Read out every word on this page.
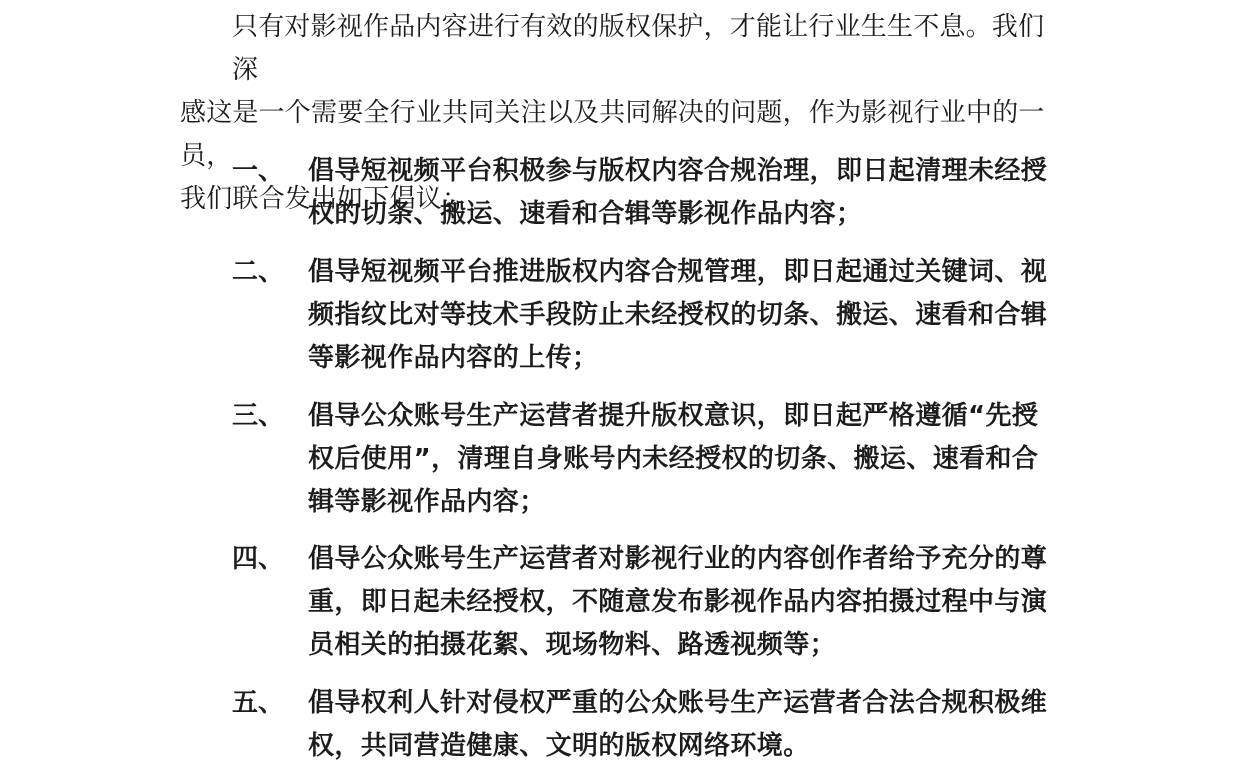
只有对影视作品内容进行有效的版权保护，才能让行业生生不息。我们深
感这是一个需要全行业共同关注以及共同解决的问题，作为影视行业中的一员，
我们联合发出如下倡议：
一、 倡导短视频平台积极参与版权内容合规治理，即日起清理未经授权的切条、搬运、速看和合辑等影视作品内容；
二、 倡导短视频平台推进版权内容合规管理，即日起通过关键词、视频指纹比对等技术手段防止未经授权的切条、搬运、速看和合辑等影视作品内容的上传；
三、 倡导公众账号生产运营者提升版权意识，即日起严格遵循“先授权后使用”，清理自身账号内未经授权的切条、搬运、速看和合辑等影视作品内容；
四、 倡导公众账号生产运营者对影视行业的内容创作者给予充分的尊重，即日起未经授权，不随意发布影视作品内容拍摄过程中与演员相关的拍摄花絮、现场物料、路透视频等；
五、 倡导权利人针对侵权严重的公众账号生产运营者合法合规积极维权，共同营造健康、文明的版权网络环境。
